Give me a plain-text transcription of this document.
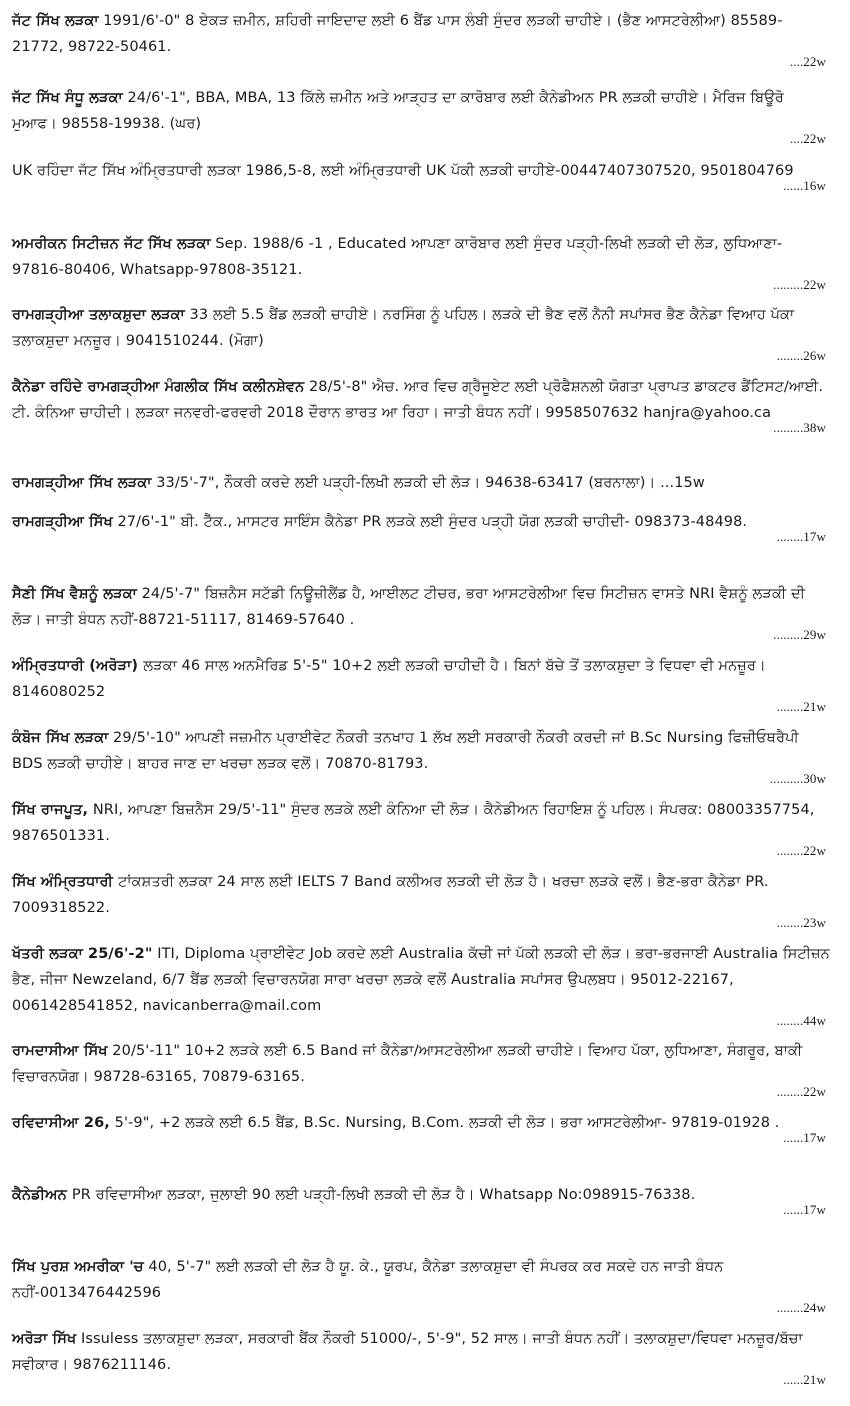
ਜੱਟ ਸਿੱਖ ਲੜਕਾ 1991/6'-0" 8 ਏਕੜ ਜ਼ਮੀਨ, ਸ਼ਹਿਰੀ ਜਾਇਦਾਦ ਲਈ 6 ਬੈਂਡ ਪਾਸ ਲੰਬੀ ਸੁੰਦਰ ਲੜਕੀ ਚਾਹੀਏ। (ਭੈਣ ਆਸਟਰੇਲੀਆ) 85589-21772, 98722-50461.
....22w
ਜੱਟ ਸਿੱਖ ਸੰਧੂ ਲੜਕਾ 24/6'-1", BBA, MBA, 13 ਕਿੱਲੇ ਜ਼ਮੀਨ ਅਤੇ ਆੜ੍ਹਤ ਦਾ ਕਾਰੋਬਾਰ ਲਈ ਕੈਨੇਡੀਅਨ PR ਲੜਕੀ ਚਾਹੀਏ। ਮੈਰਿਜ ਬਿਊਰੋ ਮੁਆਫ। 98558-19938. (ਘਰ)
....22w
UK ਰਹਿੰਦਾ ਜੱਟ ਸਿੱਖ ਅੰਮ੍ਰਿਤਧਾਰੀ ਲੜਕਾ 1986,5-8, ਲਈ ਅੰਮ੍ਰਿਤਧਾਰੀ UK ਪੱਕੀ ਲੜਕੀ ਚਾਹੀਏ-00447407307520, 9501804769
......16w
ਅਮਰੀਕਨ ਸਿਟੀਜ਼ਨ ਜੱਟ ਸਿੱਖ ਲੜਕਾ Sep. 1988/6 -1 , Educated ਆਪਣਾ ਕਾਰੋਬਾਰ ਲਈ ਸੁੰਦਰ ਪੜ੍ਹੀ-ਲਿਖੀ ਲੜਕੀ ਦੀ ਲੋੜ, ਲੁਧਿਆਣਾ- 97816-80406, Whatsapp-97808-35121.
.........22w
ਰਾਮਗੜ੍ਹੀਆ ਤਲਾਕਸ਼ੁਦਾ ਲੜਕਾ 33 ਲਈ 5.5 ਬੈਂਡ ਲੜਕੀ ਚਾਹੀਏ। ਨਰਸਿੰਗ ਨੂੰ ਪਹਿਲ। ਲੜਕੇ ਦੀ ਭੈਣ ਵਲੋਂ ਨੈਨੀ ਸਪਾਂਸਰ ਭੈਣ ਕੈਨੇਡਾ ਵਿਆਹ ਪੱਕਾ ਤਲਾਕਸ਼ੁਦਾ ਮਨਜ਼ੂਰ। 9041510244. (ਮੋਗਾ)
........26w
ਕੈਨੇਡਾ ਰਹਿੰਦੇ ਰਾਮਗੜ੍ਹੀਆ ਮੰਗਲੀਕ ਸਿੱਖ ਕਲੀਨਸ਼ੇਵਨ 28/5'-8" ਐਚ. ਆਰ ਵਿਚ ਗ੍ਰੈਜੂਏਟ ਲਈ ਪ੍ਰੋਫੈਸ਼ਨਲੀ ਯੋਗਤਾ ਪ੍ਰਾਪਤ ਡਾਕਟਰ ਡੈਂਟਿਸਟ/ਆਈ. ਟੀ. ਕੰਨਿਆ ਚਾਹੀਦੀ। ਲੜਕਾ ਜਨਵਰੀ-ਫਰਵਰੀ 2018 ਦੌਰਾਨ ਭਾਰਤ ਆ ਰਿਹਾ। ਜਾਤੀ ਬੰਧਨ ਨਹੀਂ। 9958507632 hanjra@yahoo.ca
.........38w
ਰਾਮਗੜ੍ਹੀਆ ਸਿੱਖ ਲੜਕਾ 33/5'-7", ਨੌਕਰੀ ਕਰਦੇ ਲਈ ਪੜ੍ਹੀ-ਲਿਖੀ ਲੜਕੀ ਦੀ ਲੋੜ। 94638-63417 (ਬਰਨਾਲਾ)। ...15w
ਰਾਮਗੜ੍ਹੀਆ ਸਿੱਖ 27/6'-1" ਬੀ. ਟੈੱਕ., ਮਾਸਟਰ ਸਾਇੰਸ ਕੈਨੇਡਾ PR ਲੜਕੇ ਲਈ ਸੁੰਦਰ ਪੜ੍ਹੀ ਯੋਗ ਲੜਕੀ ਚਾਹੀਦੀ- 098373-48498.
........17w
ਸੈਣੀ ਸਿੱਖ ਵੈਸ਼ਨੂੰ ਲੜਕਾ 24/5'-7" ਬਿਜ਼ਨੈਸ ਸਟੱਡੀ ਨਿਊਜ਼ੀਲੈਂਡ ਹੈ, ਆਈਲਟ ਟੀਚਰ, ਭਰਾ ਆਸਟਰੇਲੀਆ ਵਿਚ ਸਿਟੀਜ਼ਨ ਵਾਸਤੇ NRI ਵੈਸ਼ਨੂੰ ਲੜਕੀ ਦੀ ਲੋੜ। ਜਾਤੀ ਬੰਧਨ ਨਹੀਂ-88721-51117, 81469-57640 .
.........29w
ਅੰਮ੍ਰਿਤਧਾਰੀ (ਅਰੋੜਾ) ਲੜਕਾ 46 ਸਾਲ ਅਨਮੈਰਿਡ 5'-5" 10+2 ਲਈ ਲੜਕੀ ਚਾਹੀਦੀ ਹੈ। ਬਿਨਾਂ ਬੱਚੇ ਤੋਂ ਤਲਾਕਸ਼ੁਦਾ ਤੇ ਵਿਧਵਾ ਵੀ ਮਨਜ਼ੂਰ। 8146080252
........21w
ਕੰਬੋਜ ਸਿੱਖ ਲੜਕਾ 29/5'-10" ਆਪਣੀ ਜਜ਼ਮੀਨ ਪ੍ਰਾਈਵੇਟ ਨੌਕਰੀ ਤਨਖਾਹ 1 ਲੱਖ ਲਈ ਸਰਕਾਰੀ ਨੌਕਰੀ ਕਰਦੀ ਜਾਂ B.Sc Nursing ਫਿਜ਼ੀਓਥਰੈਪੀ BDS ਲੜਕੀ ਚਾਹੀਏ। ਬਾਹਰ ਜਾਣ ਦਾ ਖਰਚਾ ਲੜਕ ਵਲੋਂ। 70870-81793.
..........30w
ਸਿੱਖ ਰਾਜਪੂਤ, NRI, ਆਪਣਾ ਬਿਜ਼ਨੈਸ 29/5'-11" ਸੁੰਦਰ ਲੜਕੇ ਲਈ ਕੰਨਿਆ ਦੀ ਲੋੜ। ਕੈਨੇਡੀਅਨ ਰਿਹਾਇਸ਼ ਨੂੰ ਪਹਿਲ। ਸੰਪਰਕ: 08003357754, 9876501331.
........22w
ਸਿੱਖ ਅੰਮ੍ਰਿਤਧਾਰੀ ਟਾਂਕਸ਼ਤਰੀ ਲੜਕਾ 24 ਸਾਲ ਲਈ IELTS 7 Band ਕਲੀਅਰ ਲੜਕੀ ਦੀ ਲੋੜ ਹੈ। ਖਰਚਾ ਲੜਕੇ ਵਲੋਂ। ਭੈਣ-ਭਰਾ ਕੈਨੇਡਾ PR. 7009318522.
........23w
ਖੱਤਰੀ ਲੜਕਾ 25/6'-2" ITI, Diploma ਪ੍ਰਾਈਵੇਟ Job ਕਰਦੇ ਲਈ Australia ਕੱਚੀ ਜਾਂ ਪੱਕੀ ਲੜਕੀ ਦੀ ਲੋੜ। ਭਰਾ-ਭਰਜਾਈ Australia ਸਿਟੀਜ਼ਨ ਭੈਣ, ਜੀਜਾ Newzeland, 6/7 ਬੈਂਡ ਲੜਕੀ ਵਿਚਾਰਨਯੋਗ ਸਾਰਾ ਖਰਚਾ ਲੜਕੇ ਵਲੋਂ Australia ਸਪਾਂਸਰ ਉਪਲਬਧ। 95012-22167, 0061428541852, navicanberra@mail.com
........44w
ਰਾਮਦਾਸੀਆ ਸਿੱਖ 20/5'-11" 10+2 ਲੜਕੇ ਲਈ 6.5 Band ਜਾਂ ਕੈਨੇਡਾ/ਆਸਟਰੇਲੀਆ ਲੜਕੀ ਚਾਹੀਏ। ਵਿਆਹ ਪੱਕਾ, ਲੁਧਿਆਣਾ, ਸੰਗਰੂਰ, ਬਾਕੀ ਵਿਚਾਰਨਯੋਗ। 98728-63165, 70879-63165.
........22w
ਰਵਿਦਾਸੀਆ 26, 5'-9", +2 ਲੜਕੇ ਲਈ 6.5 ਬੈਂਡ, B.Sc. Nursing, B.Com. ਲੜਕੀ ਦੀ ਲੋੜ। ਭਰਾ ਆਸਟਰੇਲੀਆ- 97819-01928 .
......17w
ਕੈਨੇਡੀਅਨ PR ਰਵਿਦਾਸੀਆ ਲੜਕਾ, ਜੁਲਾਈ 90 ਲਈ ਪੜ੍ਹੀ-ਲਿਖੀ ਲੜਕੀ ਦੀ ਲੋੜ ਹੈ। Whatsapp No:098915-76338.
......17w
ਸਿੱਖ ਪੁਰਸ਼ ਅਮਰੀਕਾ 'ਚ 40, 5'-7" ਲਈ ਲੜਕੀ ਦੀ ਲੋੜ ਹੈ ਯੂ. ਕੇ., ਯੂਰਪ, ਕੈਨੇਡਾ ਤਲਾਕਸ਼ੁਦਾ ਵੀ ਸੰਪਰਕ ਕਰ ਸਕਦੇ ਹਨ ਜਾਤੀ ਬੰਧਨ ਨਹੀਂ-0013476442596
........24w
ਅਰੋੜਾ ਸਿੱਖ Issuless ਤਲਾਕਸ਼ੁਦਾ ਲੜਕਾ, ਸਰਕਾਰੀ ਬੈਂਕ ਨੌਕਰੀ 51000/-, 5'-9", 52 ਸਾਲ। ਜਾਤੀ ਬੰਧਨ ਨਹੀਂ। ਤਲਾਕਸ਼ੁਦਾ/ਵਿਧਵਾ ਮਨਜ਼ੂਰ/ਬੱਚਾ ਸਵੀਕਾਰ। 9876211146.
......21w
